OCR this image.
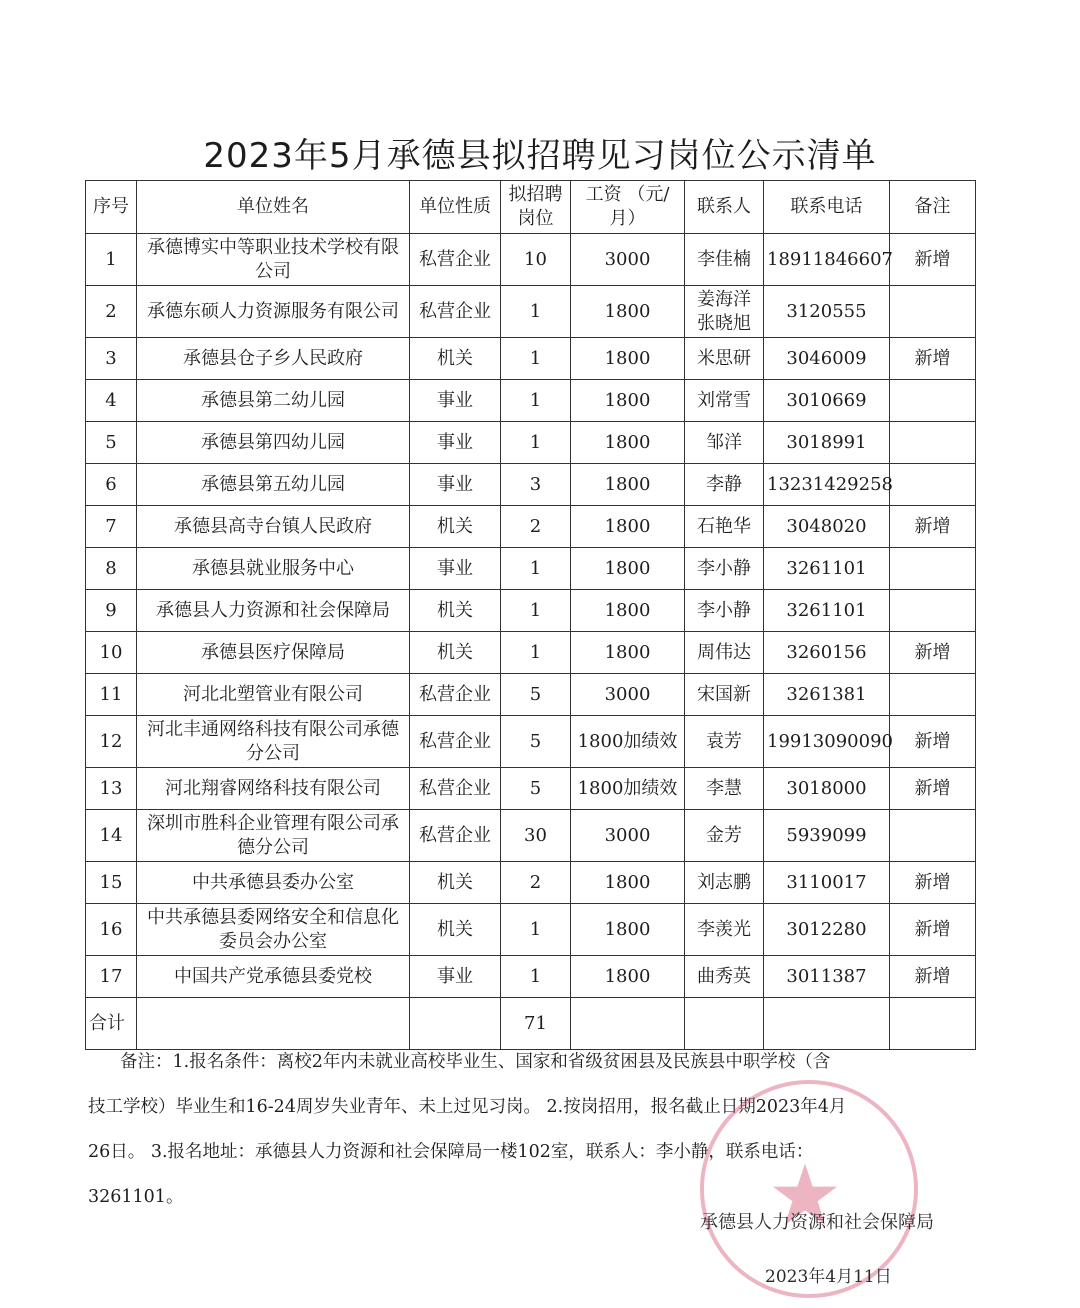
2023年5月承德县拟招聘见习岗位公示清单
序号	单位姓名	单位性质	拟招聘岗位	工资 （元/月）	联系人	联系电话	备注
1	承德博实中等职业技术学校有限公司	私营企业	10	3000	李佳楠	18911846607	新增
2	承德东硕人力资源服务有限公司	私营企业	1	1800	姜海洋 张晓旭	3120555	
3	承德县仓子乡人民政府	机关	1	1800	米思研	3046009	新增
4	承德县第二幼儿园	事业	1	1800	刘常雪	3010669	
5	承德县第四幼儿园	事业	1	1800	邹洋	3018991	
6	承德县第五幼儿园	事业	3	1800	李静	13231429258	
7	承德县高寺台镇人民政府	机关	2	1800	石艳华	3048020	新增
8	承德县就业服务中心	事业	1	1800	李小静	3261101	
9	承德县人力资源和社会保障局	机关	1	1800	李小静	3261101	
10	承德县医疗保障局	机关	1	1800	周伟达	3260156	新增
11	河北北塑管业有限公司	私营企业	5	3000	宋国新	3261381	
12	河北丰通网络科技有限公司承德分公司	私营企业	5	1800加绩效	袁芳	19913090090	新增
13	河北翔睿网络科技有限公司	私营企业	5	1800加绩效	李慧	3018000	新增
14	深圳市胜科企业管理有限公司承德分公司	私营企业	30	3000	金芳	5939099	
15	中共承德县委办公室	机关	2	1800	刘志鹏	3110017	新增
16	中共承德县委网络安全和信息化委员会办公室	机关	1	1800	李羡光	3012280	新增
17	中国共产党承德县委党校	事业	1	1800	曲秀英	3011387	新增
合计			71				
备注：1.报名条件：离校2年内未就业高校毕业生、国家和省级贫困县及民族县中职学校（含
技工学校）毕业生和16-24周岁失业青年、未上过见习岗。 2.按岗招用，报名截止日期2023年4月
26日。 3.报名地址：承德县人力资源和社会保障局一楼102室，联系人：李小静，联系电话：
3261101。
承德县人力资源和社会保障局
2023年4月11日
